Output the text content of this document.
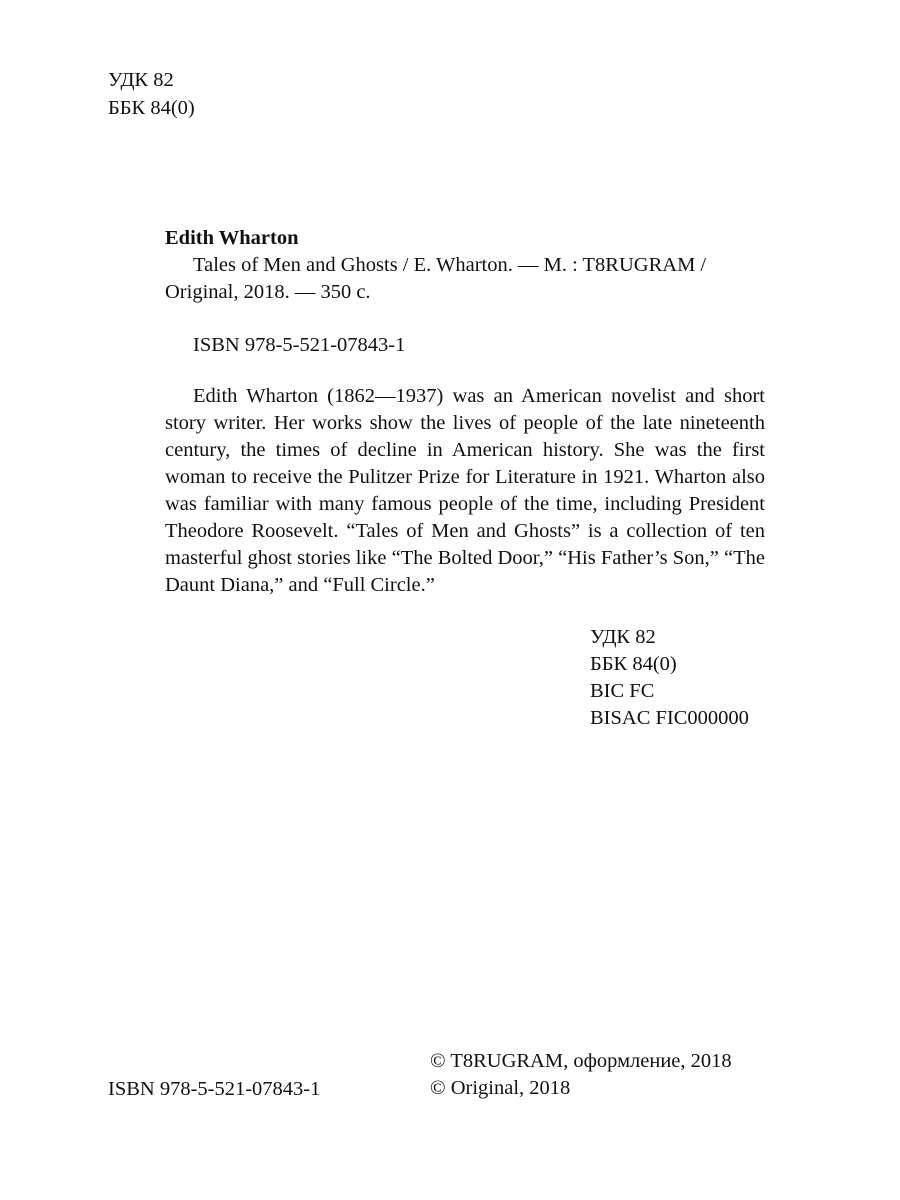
УДК 82
ББК 84(0)
Edith Wharton
Tales of Men and Ghosts / E. Wharton. — M. : T8RUGRAM /
Original, 2018. — 350 c.
ISBN 978-5-521-07843-1

Edith Wharton (1862—1937) was an American novelist and short story writer. Her works show the lives of people of the late nineteenth century, the times of decline in American history. She was the first woman to receive the Pulitzer Prize for Literature in 1921. Wharton also was familiar with many famous people of the time, including President Theodore Roosevelt. “Tales of Men and Ghosts” is a collection of ten masterful ghost stories like “The Bolted Door,” “His Father’s Son,” “The Daunt Diana,” and “Full Circle.”

УДК 82
ББК 84(0)
BIC FC
BISAC FIC000000
ISBN 978-5-521-07843-1
© T8RUGRAM, оформление, 2018
© Original, 2018
